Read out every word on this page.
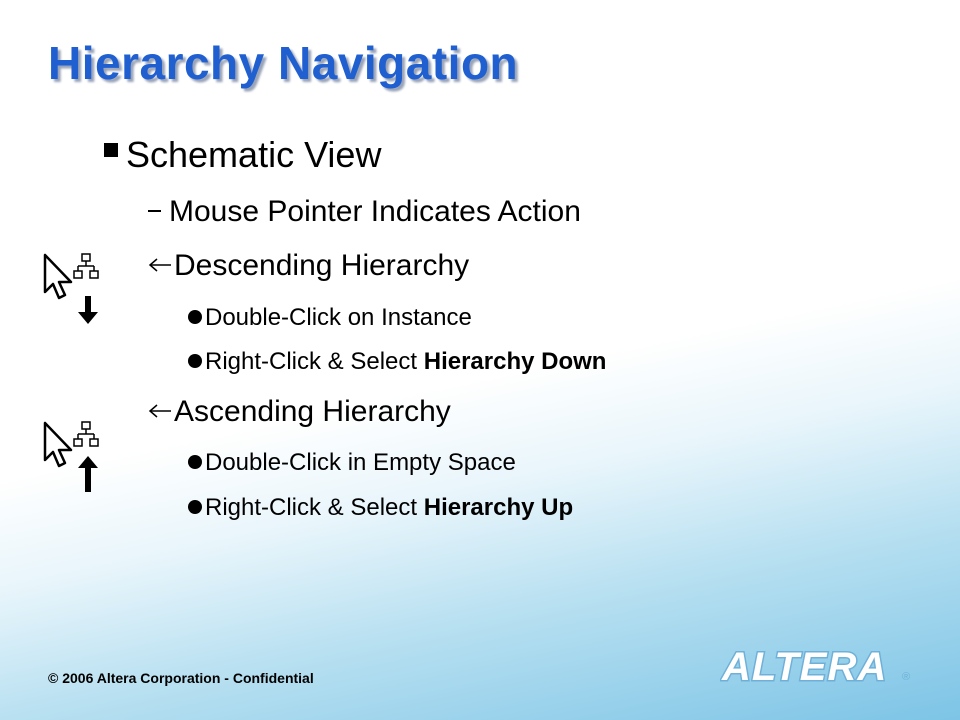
Hierarchy Navigation
Schematic View
Mouse Pointer Indicates Action
Descending Hierarchy
Double-Click on Instance
Right-Click & Select Hierarchy Down
Ascending Hierarchy
Double-Click in Empty Space
Right-Click & Select Hierarchy Up
© 2006 Altera Corporation - Confidential	ALTERA ®
